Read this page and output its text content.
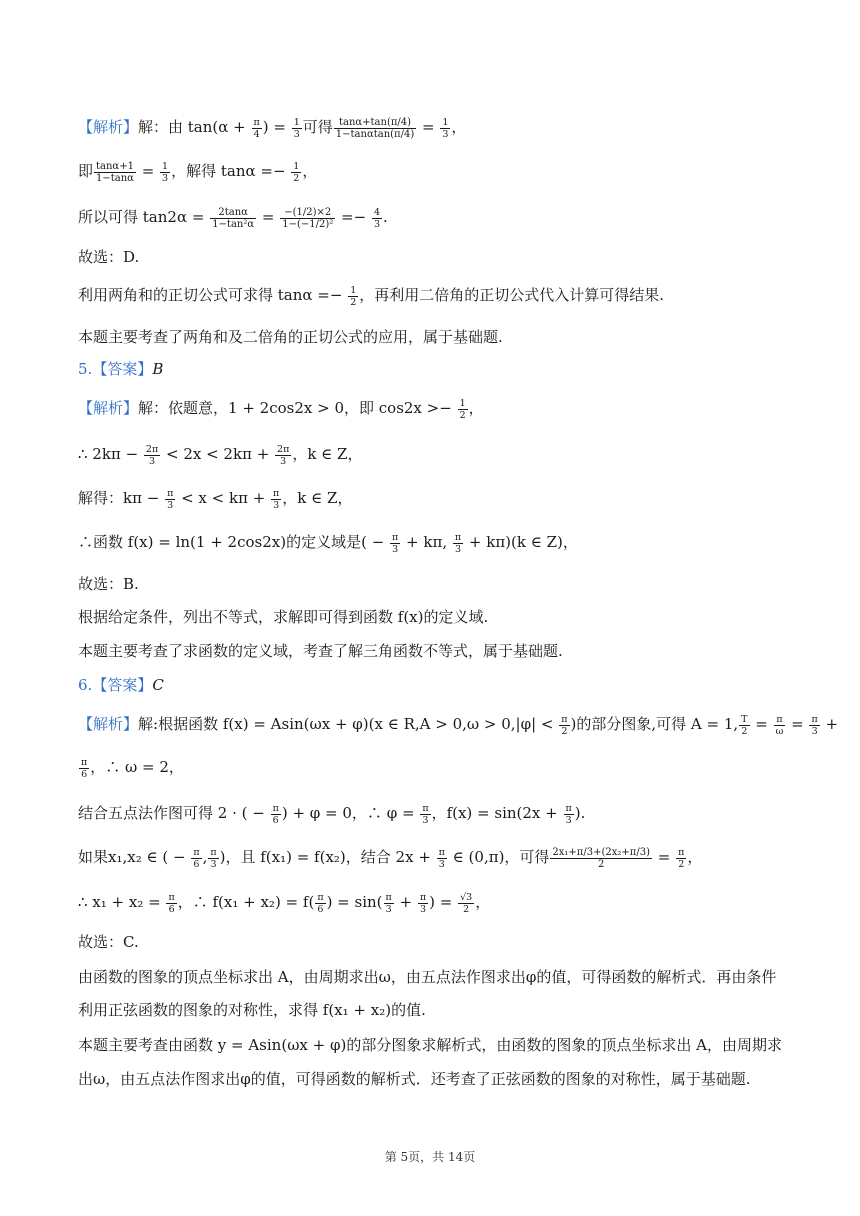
【解析】解：由 $\tan(\alpha + \frac{\pi}{4}$ ) = $\frac{1}{3}$ 可得 $\frac{\tan\alpha+\tan(\pi/4)}{1-\tan\alpha\tan(\pi/4)} = \frac{1}{3}$ ，
即 $\frac{\tan\alpha+1}{1-\tan\alpha} = \frac{1}{3}$ ，解得 $\tan\alpha =- \frac{1}{2}$ ，
所以可得 $\tan 2\alpha = \frac{2\tan\alpha}{\text{1−tan²α}} = \frac{-(1/2)\times 2}{\text{1−(−1/2)²}} =- \frac{4}{3}$ .
故选：D.
利用两角和的正切公式可求得 $\tan\alpha =- \frac{1}{2}$ ，再利用二倍角的正切公式代入计算可得结果.
本题主要考查了两角和及二倍角的正切公式的应用，属于基础题.
5.【答案】B
【解析】解：依题意，1 + 2cos2x > 0，即 $\cos 2x >- \frac{1}{2}$ ，
∴ $2k\pi - \frac{2\pi}{3} < 2x < 2k\pi + \frac{2\pi}{3}$ ，k ∈ Z，
解得：$k\pi - \frac{\pi}{3} < x < k\pi + \frac{\pi}{3}$ ，k ∈ Z，
∴函数 f(x) = ln(1 + 2cos2x)的定义域是( − $\frac{\pi}{3} + k\pi$, $\frac{\pi}{3} + k\pi)(k$ ∈ Z)，
故选：B.
根据给定条件，列出不等式，求解即可得到函数 f(x)的定义域.
本题主要考查了求函数的定义域，考查了解三角函数不等式，属于基础题.
6.【答案】C
【解析】解:根据函数 f(x) = Asin(ωx + φ)(x ∈ $R,A > 0,\omega > 0,|\varphi| < \frac{\pi}{2}$ )的部分图象,可得 A = 1, $\frac{T}{2} = \frac{\pi}{\omega} = \frac{\pi}{3}$ +
$\frac{\pi}{6}$ ，∴ ω = 2，
结合五点法作图可得 2 · ( − $\frac{\pi}{6}$ ) + φ = 0，∴ $\varphi = \frac{\pi}{3}$ ，$f(x) = \sin(2x + \frac{\pi}{3}$ ).
如果x₁,x₂ ∈ ( − $\frac{\pi}{6}$ , $\frac{\pi}{3}$ )，且 f(x₁) = f(x₂)，结合 $2x + \frac{\pi}{3}$ ∈ (0,π)，可得 $\frac{\text{2x₁+π/3+(2x₂+π/3)}}{2} = \frac{\pi}{2}$ ，
∴ $x_1 + x_2 = \frac{\pi}{6}$ ，∴ $f(x_1 + x_2) = f( \frac{\pi}{6}$ ) = $\sin( \frac{\pi}{3} + \frac{\pi}{3}$ ) = $\frac{√3}{2}$ ，
故选：C.
由函数的图象的顶点坐标求出 A，由周期求出ω，由五点法作图求出φ的值，可得函数的解析式．再由条件
利用正弦函数的图象的对称性，求得 f(x₁ + x₂)的值.
本题主要考查由函数 y = Asin(ωx + φ)的部分图象求解析式，由函数的图象的顶点坐标求出 A，由周期求
出ω，由五点法作图求出φ的值，可得函数的解析式．还考查了正弦函数的图象的对称性，属于基础题.
第 5页，共 14页
